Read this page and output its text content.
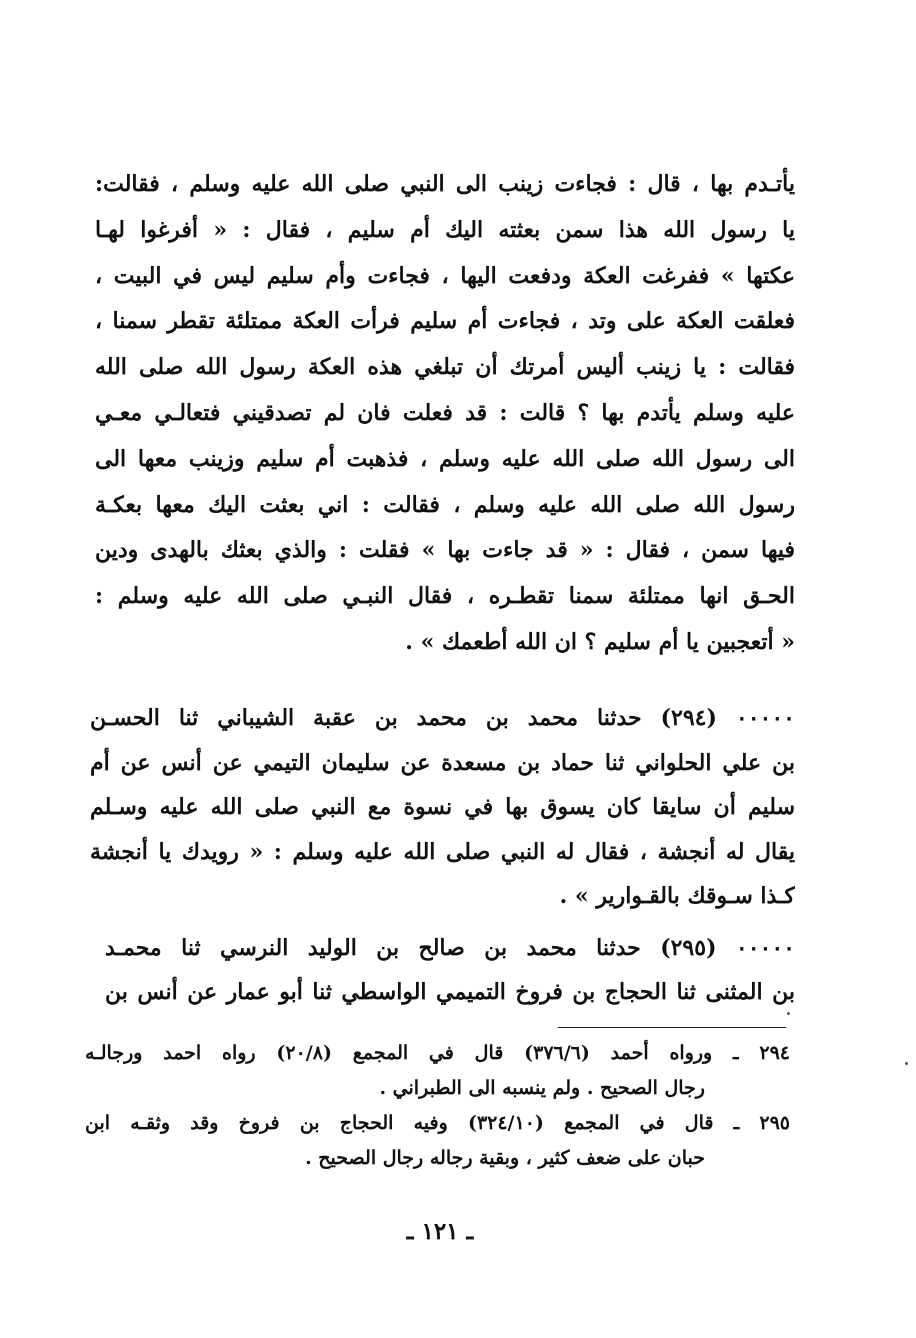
يأتـدم بها ، قال : فجاءت زينب الى النبي صلى الله عليه وسلم ، فقالت:
يا رسول الله هذا سمن بعثته اليك أم سليم ، فقال : « أفرغوا لهـا
عكتها » ففرغت العكة ودفعت اليها ، فجاءت وأم سليم ليس في البيت ،
فعلقت العكة على وتد ، فجاءت أم سليم فرأت العكة ممتلئة تقطر سمنا ،
فقالت : يا زينب أليس أمرتك أن تبلغي هذه العكة رسول الله صلى الله
عليه وسلم يأتدم بها ؟ قالت : قد فعلت فان لم تصدقيني فتعالـي معـي
الى رسول الله صلى الله عليه وسلم ، فذهبت أم سليم وزينب معها الى
رسول الله صلى الله عليه وسلم ، فقالت : اني بعثت اليك معها بعكـة
فيها سمن ، فقال : « قد جاءت بها » فقلت : والذي بعثك بالهدى ودين
الحـق انها ممتلئة سمنا تقطـره ، فقال النبـي صلى الله عليه وسلم :
« أتعجبين يا أم سليم ؟ ان الله أطعمك » .
٠٠٠٠٠ (٢٩٤) حدثنا محمد بن محمد بن عقبة الشيباني ثنا الحسـن
بن علي الحلواني ثنا حماد بن مسعدة عن سليمان التيمي عن أنس عن أم
سليم أن سايقا كان يسوق بها في نسوة مع النبي صلى الله عليه وسـلم
يقال له أنجشة ، فقال له النبي صلى الله عليه وسلم : « رويدك يا أنجشة
كـذا سـوقك بالقـوارير » .
٠٠٠٠٠ (٢٩٥) حدثنا محمد بن صالح بن الوليد النرسي ثنا محمـد
بن المثنى ثنا الحجاج بن فروخ التميمي الواسطي ثنا أبو عمار عن أنس بن
٢٩٤ ـ ورواه أحمد (٣٧٦/٦) قال في المجمع (٢٠/٨) رواه احمد ورجالـه
رجال الصحيح . ولم ينسبه الى الطبراني .
٢٩٥ ـ قال في المجمع (٣٢٤/١٠) وفيه الحجاج بن فروخ وقد وثقـه ابن
حبان على ضعف كثير ، وبقية رجاله رجال الصحيح .
ـ ١٢١ ـ
